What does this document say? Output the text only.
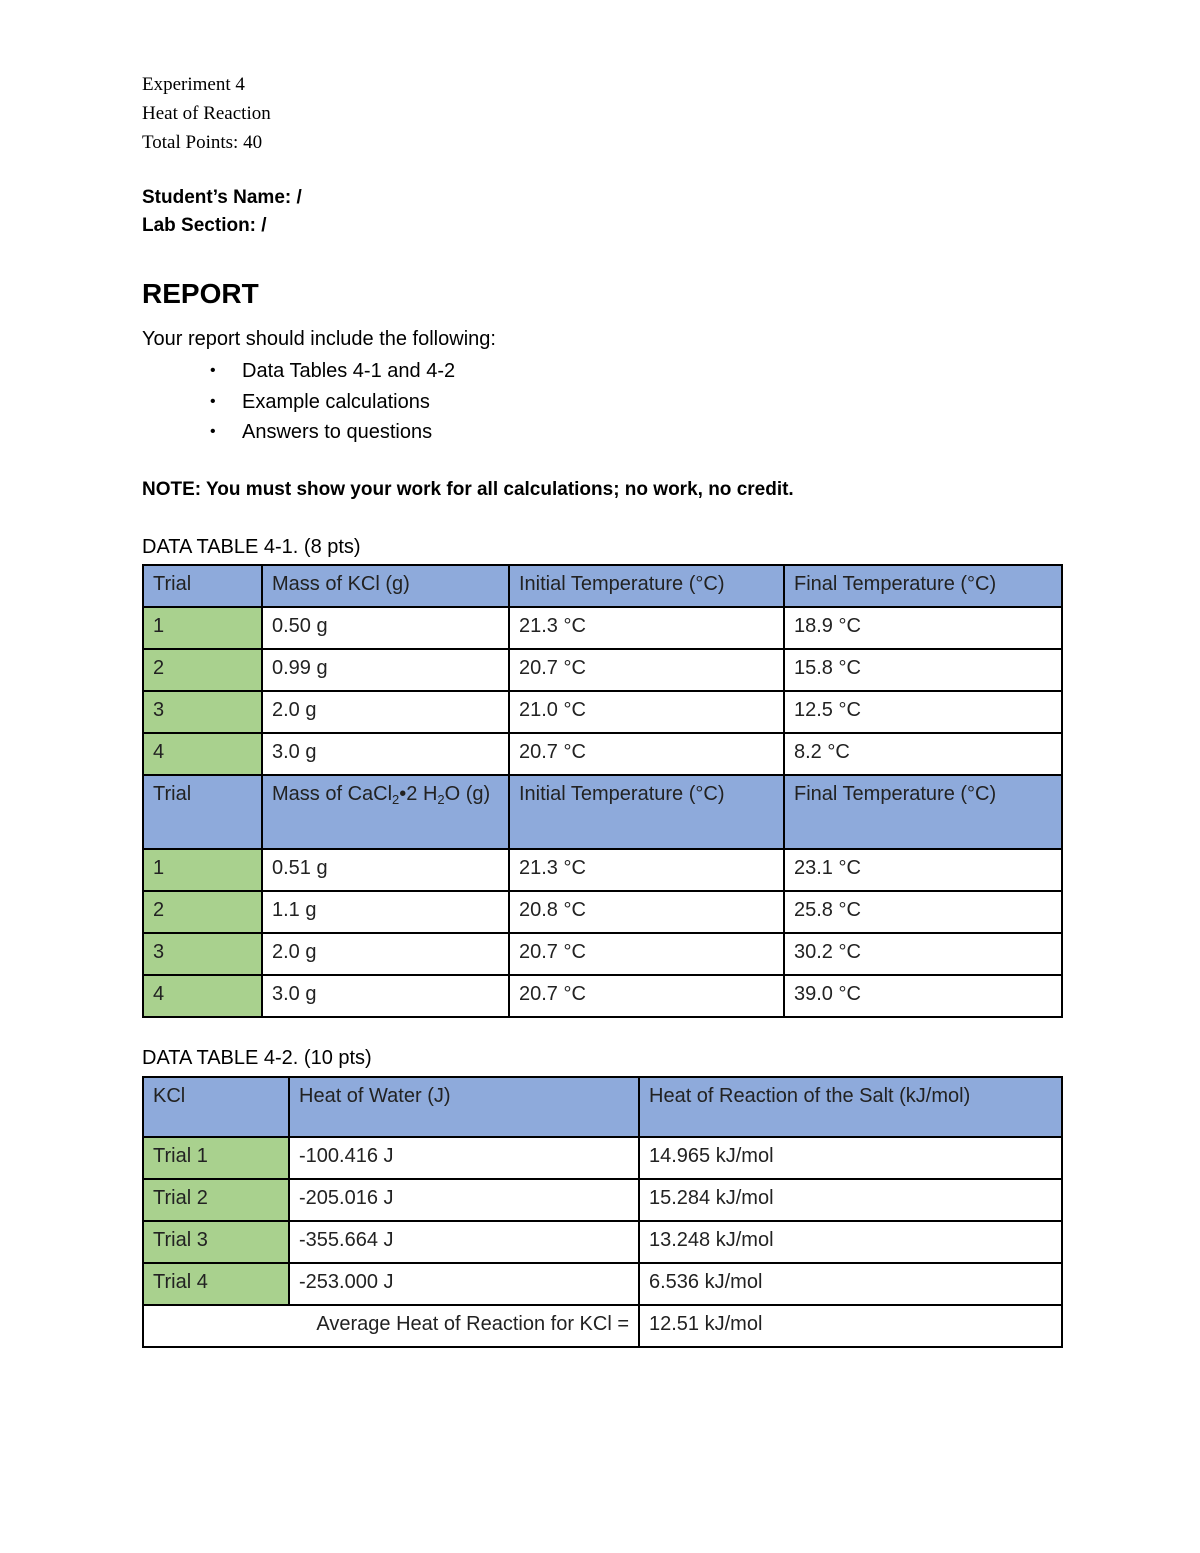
Experiment 4
Heat of Reaction
Total Points: 40
Student’s Name: /
Lab Section: /
REPORT
Your report should include the following:
• Data Tables 4-1 and 4-2
• Example calculations
• Answers to questions
NOTE: You must show your work for all calculations; no work, no credit.
DATA TABLE 4-1. (8 pts)
Trial	Mass of KCl (g)	Initial Temperature (°C)	Final Temperature (°C)
1	0.50 g	21.3 °C	18.9 °C
2	0.99 g	20.7 °C	15.8 °C
3	2.0 g	21.0 °C	12.5 °C
4	3.0 g	20.7 °C	8.2 °C
Trial	Mass of CaCl$_2$•2 $H_2O$ (g)	Initial Temperature (°C)	Final Temperature (°C)
1	0.51 g	21.3 °C	23.1 °C
2	1.1 g	20.8 °C	25.8 °C
3	2.0 g	20.7 °C	30.2 °C
4	3.0 g	20.7 °C	39.0 °C
DATA TABLE 4-2. (10 pts)
KCl	Heat of Water (J)	Heat of Reaction of the Salt (kJ/mol)
Trial 1	-100.416 J	14.965 kJ/mol
Trial 2	-205.016 J	15.284 kJ/mol
Trial 3	-355.664 J	13.248 kJ/mol
Trial 4	-253.000 J	6.536 kJ/mol
Average Heat of Reaction for KCl =		12.51 kJ/mol
